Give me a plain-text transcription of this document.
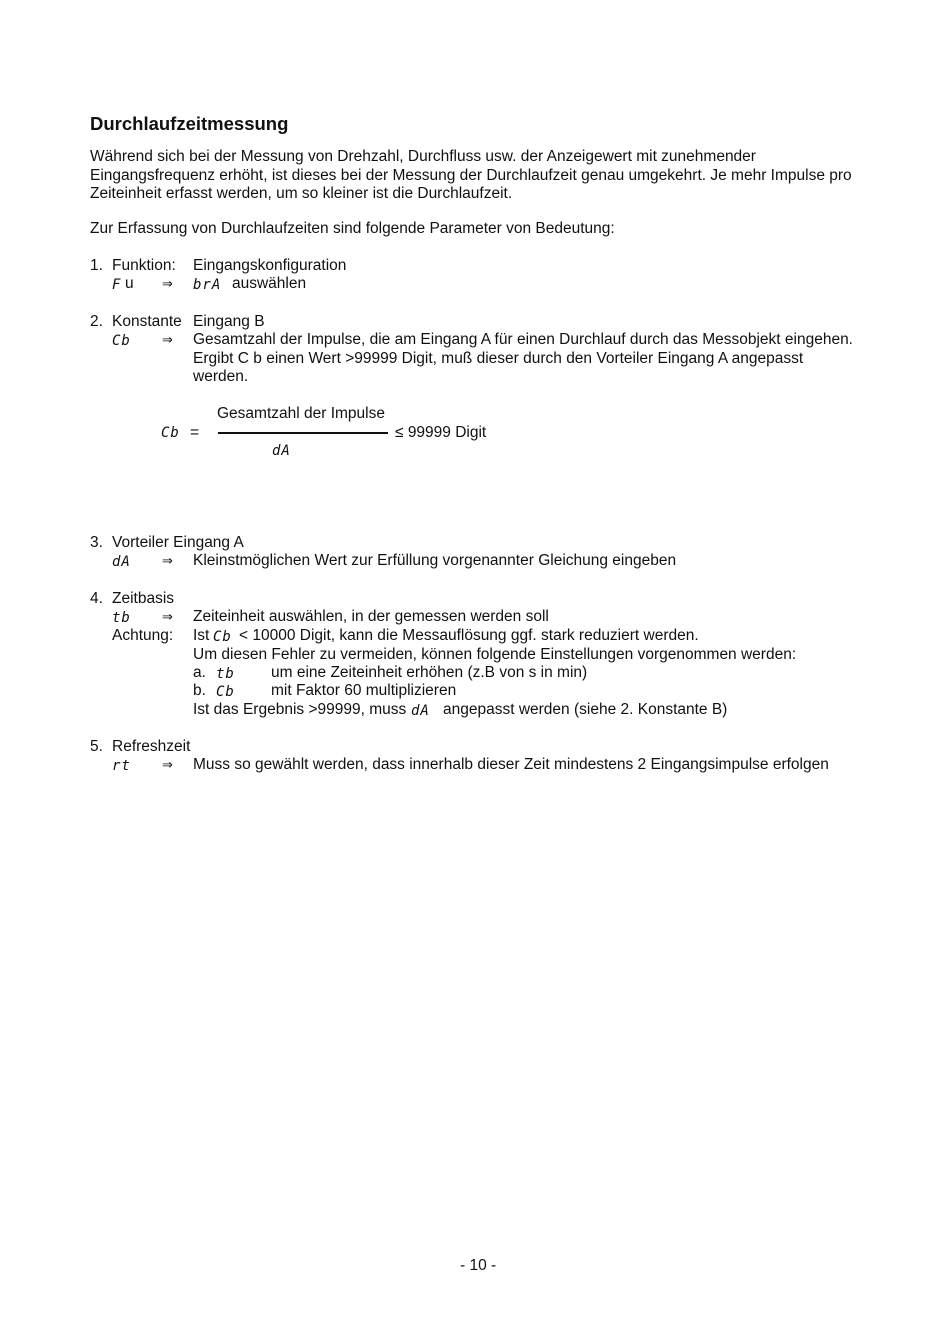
Durchlaufzeitmessung

Während sich bei der Messung von Drehzahl, Durchfluss usw. der Anzeigewert mit zunehmender Eingangsfrequenz erhöht, ist dieses bei der Messung der Durchlaufzeit genau umgekehrt. Je mehr Impulse pro Zeiteinheit erfasst werden, um so kleiner ist die Durchlaufzeit.

Zur Erfassung von Durchlaufzeiten sind folgende Parameter von Bedeutung:

1. Funktion: Eingangskonfiguration
F u ⇒ brA auswählen
2. Konstante Eingang B
Cb ⇒ Gesamtzahl der Impulse, die am Eingang A für einen Durchlauf durch das Messobjekt eingehen. Ergibt C b einen Wert >99999 Digit, muß dieser durch den Vorteiler Eingang A angepasst werden.
Cb =
Gesamtzahl der Impulse
dA
≤ 99999 Digit
3. Vorteiler Eingang A
dA ⇒ Kleinstmöglichen Wert zur Erfüllung vorgenannter Gleichung eingeben
4. Zeitbasis
tb ⇒ Zeiteinheit auswählen, in der gemessen werden soll
Achtung: Ist Cb < 10000 Digit, kann die Messauflösung ggf. stark reduziert werden.
Um diesen Fehler zu vermeiden, können folgende Einstellungen vorgenommen werden:
a. tb um eine Zeiteinheit erhöhen (z.B von s in min)
b. Cb mit Faktor 60 multiplizieren
Ist das Ergebnis >99999, muss dA angepasst werden (siehe 2. Konstante B)
5. Refreshzeit
rt ⇒ Muss so gewählt werden, dass innerhalb dieser Zeit mindestens 2 Eingangsimpulse erfolgen
- 10 -
